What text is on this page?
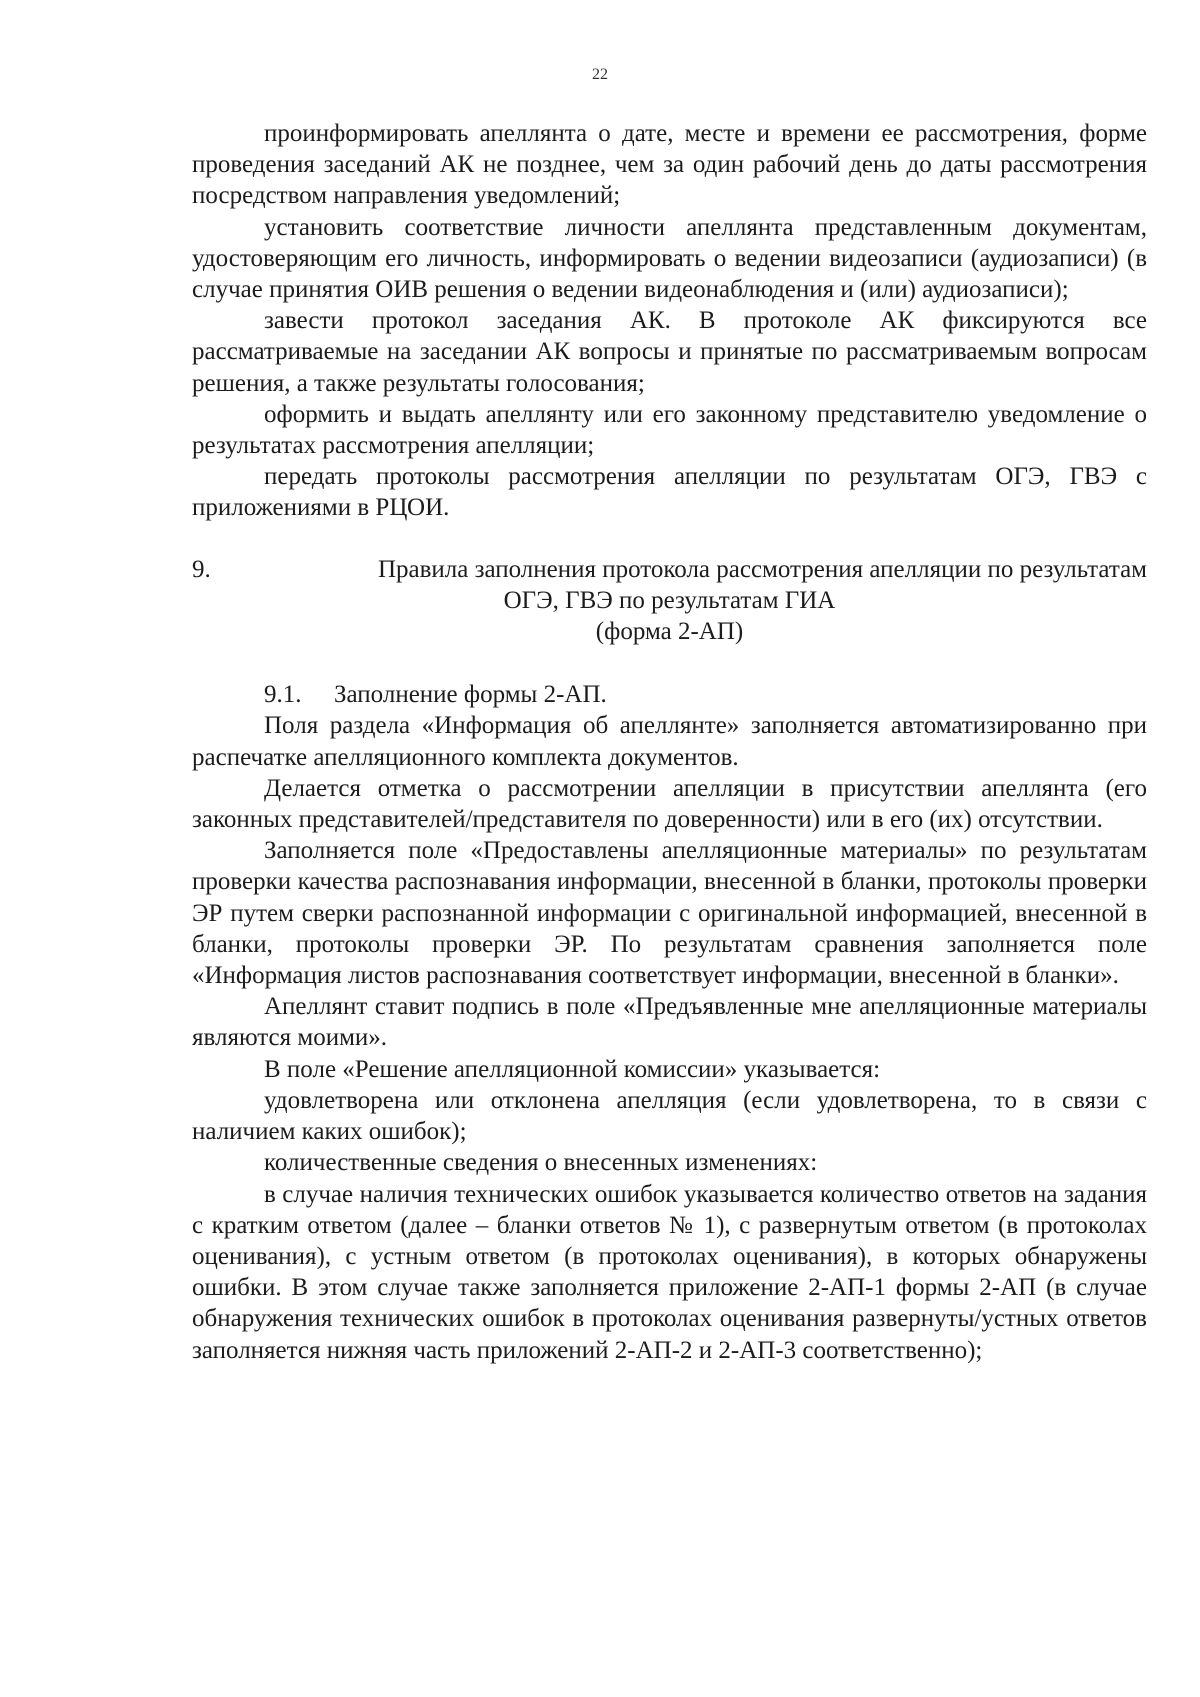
22

проинформировать апеллянта о дате, месте и времени ее рассмотрения, форме проведения заседаний АК не позднее, чем за один рабочий день до даты рассмотрения посредством направления уведомлений;

установить соответствие личности апеллянта представленным документам, удостоверяющим его личность, информировать о ведении видеозаписи (аудиозаписи) (в случае принятия ОИВ решения о ведении видеонаблюдения и (или) аудиозаписи);

завести протокол заседания АК. В протоколе АК фиксируются все рассматриваемые на заседании АК вопросы и принятые по рассматриваемым вопросам решения, а также результаты голосования;

оформить и выдать апеллянту или его законному представителю уведомление о результатах рассмотрения апелляции;

передать протоколы рассмотрения апелляции по результатам ОГЭ, ГВЭ с приложениями в РЦОИ.

9.	Правила заполнения протокола рассмотрения апелляции по результатам
ОГЭ, ГВЭ по результатам ГИА
(форма 2-АП)

9.1. Заполнение формы 2-АП.

Поля раздела «Информация об апеллянте» заполняется автоматизированно при распечатке апелляционного комплекта документов.

Делается отметка о рассмотрении апелляции в присутствии апеллянта (его законных представителей/представителя по доверенности) или в его (их) отсутствии.

Заполняется поле «Предоставлены апелляционные материалы» по результатам проверки качества распознавания информации, внесенной в бланки, протоколы проверки ЭР путем сверки распознанной информации с оригинальной информацией, внесенной в бланки, протоколы проверки ЭР. По результатам сравнения заполняется поле «Информация листов распознавания соответствует информации, внесенной в бланки».

Апеллянт ставит подпись в поле «Предъявленные мне апелляционные материалы являются моими».

В поле «Решение апелляционной комиссии» указывается:

удовлетворена или отклонена апелляция (если удовлетворена, то в связи с наличием каких ошибок);

количественные сведения о внесенных изменениях:

в случае наличия технических ошибок указывается количество ответов на задания с кратким ответом (далее – бланки ответов № 1), с развернутым ответом (в протоколах оценивания), с устным ответом (в протоколах оценивания), в которых обнаружены ошибки. В этом случае также заполняется приложение 2-АП-1 формы 2-АП (в случае обнаружения технических ошибок в протоколах оценивания развернуты/устных ответов заполняется нижняя часть приложений 2-АП-2 и 2-АП-3 соответственно);
